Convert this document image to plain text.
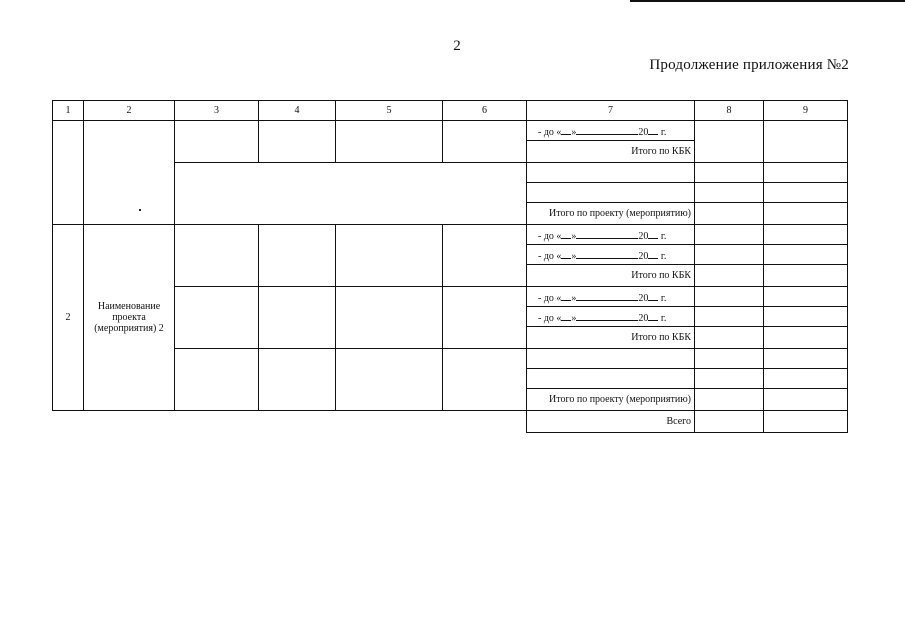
2
Продолжение приложения №2
1	2	3	4	5	6	7	8	9
						- до « » 20 г.		
						Итого по КБК		

						Итого по проекту (мероприятию)		
2	Наименование проекта (мероприятия) 2					- до « » 20 г.		
						- до « » 20 г.		
						Итого по КБК		
						- до « » 20 г.		
						- до « » 20 г.		
						Итого по КБК		

						Итого по проекту (мероприятию)		
						Всего		
